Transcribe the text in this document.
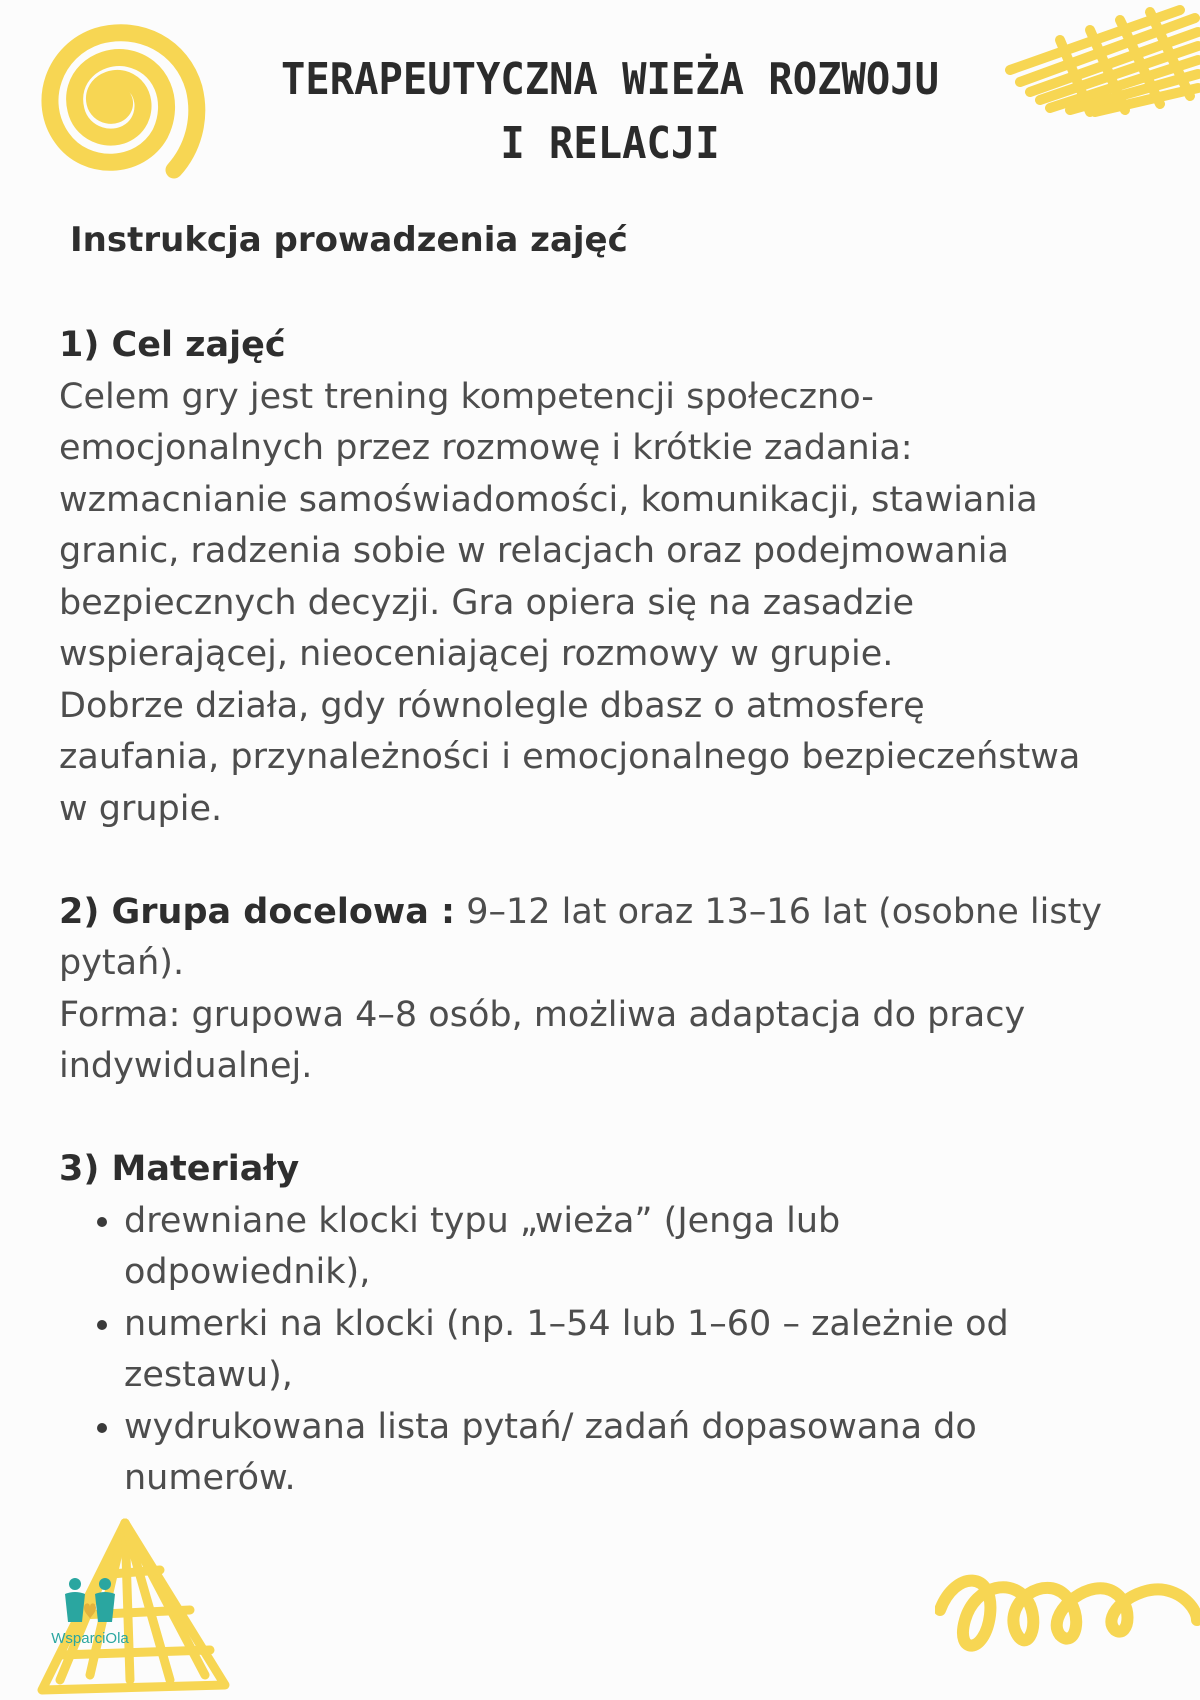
TERAPEUTYCZNA WIEŻA ROZWOJU
I RELACJI
Instrukcja prowadzenia zajęć

1) Cel zajęć

Celem gry jest trening kompetencji społeczno-

emocjonalnych przez rozmowę i krótkie zadania:

wzmacnianie samoświadomości, komunikacji, stawiania

granic, radzenia sobie w relacjach oraz podejmowania

bezpiecznych decyzji. Gra opiera się na zasadzie

wspierającej, nieoceniającej rozmowy w grupie.

Dobrze działa, gdy równolegle dbasz o atmosferę

zaufania, przynależności i emocjonalnego bezpieczeństwa

w grupie.

2) Grupa docelowa : 9–12 lat oraz 13–16 lat (osobne listy

pytań).

Forma: grupowa 4–8 osób, możliwa adaptacja do pracy

indywidualnej.

3) Materiały

• drewniane klocki typu „wieża” (Jenga lub
odpowiednik),
• numerki na klocki (np. 1–54 lub 1–60 – zależnie od
zestawu),
• wydrukowana lista pytań/ zadań dopasowana do
numerów.
WsparciOla
